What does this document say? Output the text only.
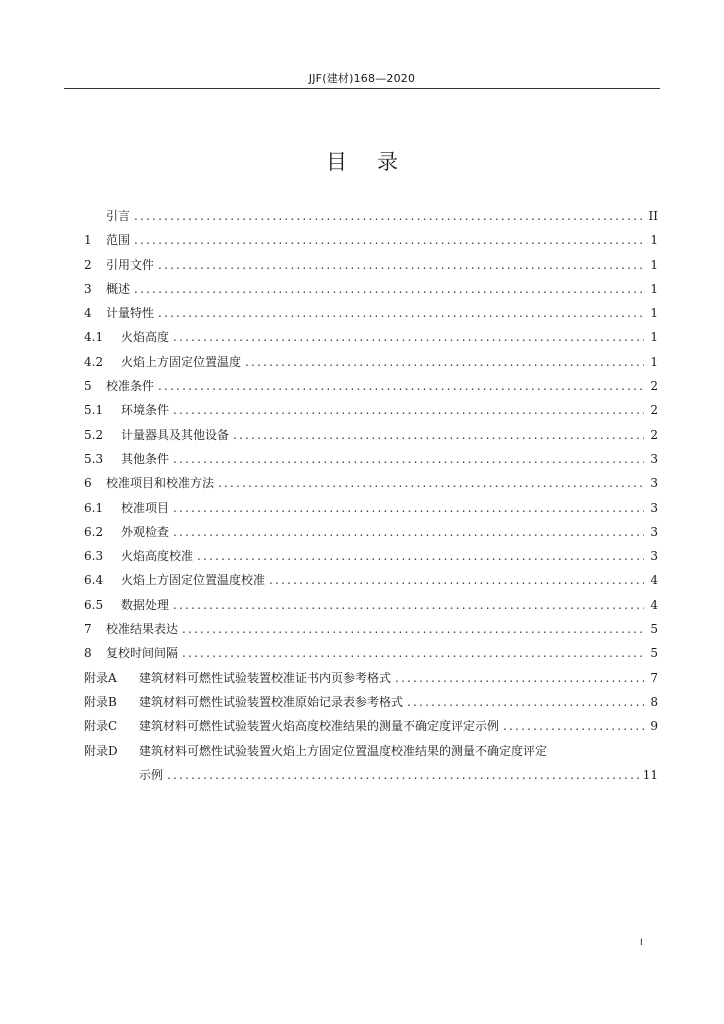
JJF(建材)168—2020
目录
引言 .....	II
1	范围 .....	1
2	引用文件 .....	1
3	概述 .....	1
4	计量特性 .....	1
4.1	火焰高度 .....	1
4.2	火焰上方固定位置温度 .....	1
5	校准条件 .....	2
5.1	环境条件 .....	2
5.2	计量器具及其他设备 .....	2
5.3	其他条件 .....	3
6	校准项目和校准方法 .....	3
6.1	校准项目 .....	3
6.2	外观检查 .....	3
6.3	火焰高度校准 .....	3
6.4	火焰上方固定位置温度校准 .....	4
6.5	数据处理 .....	4
7	校准结果表达 .....	5
8	复校时间间隔 .....	5
附录A	建筑材料可燃性试验装置校准证书内页参考格式 .....	7
附录B	建筑材料可燃性试验装置校准原始记录表参考格式 .....	8
附录C	建筑材料可燃性试验装置火焰高度校准结果的测量不确定度评定示例 .....	9
附录D	建筑材料可燃性试验装置火焰上方固定位置温度校准结果的测量不确定度评定
示例 .....	11
I
